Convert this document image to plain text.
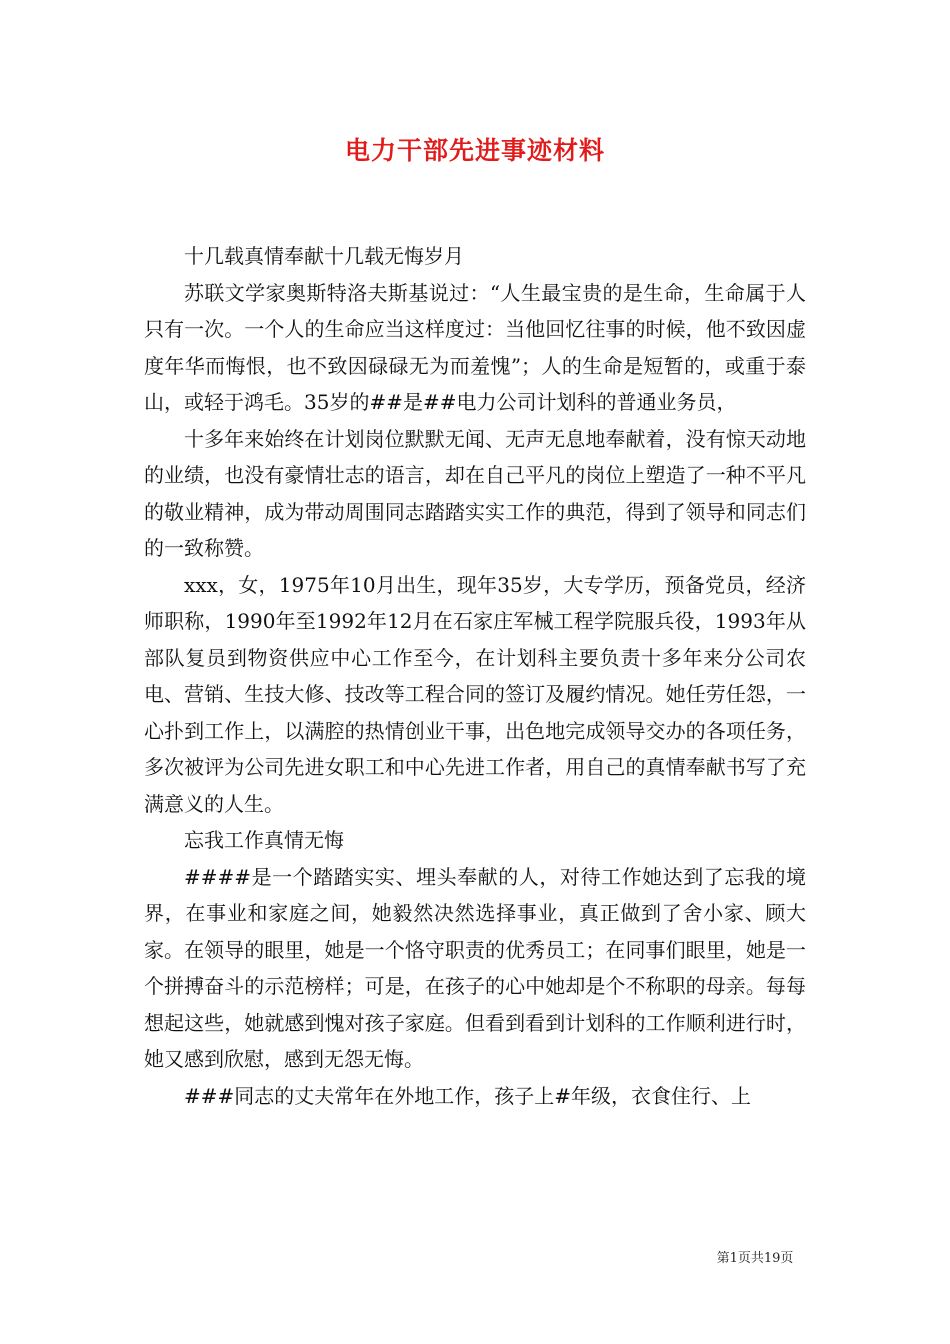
电力干部先进事迹材料

十几载真情奉献十几载无悔岁月

苏联文学家奥斯特洛夫斯基说过：“人生最宝贵的是生命，生命属于人只有一次。一个人的生命应当这样度过：当他回忆往事的时候，他不致因虚度年华而悔恨，也不致因碌碌无为而羞愧”；人的生命是短暂的，或重于泰山，或轻于鸿毛。35岁的##是##电力公司计划科的普通业务员，

十多年来始终在计划岗位默默无闻、无声无息地奉献着，没有惊天动地的业绩，也没有豪情壮志的语言，却在自己平凡的岗位上塑造了一种不平凡的敬业精神，成为带动周围同志踏踏实实工作的典范，得到了领导和同志们的一致称赞。

xxx，女，1975年10月出生，现年35岁，大专学历，预备党员，经济师职称，1990年至1992年12月在石家庄军械工程学院服兵役，1993年从部队复员到物资供应中心工作至今，在计划科主要负责十多年来分公司农电、营销、生技大修、技改等工程合同的签订及履约情况。她任劳任怨，一心扑到工作上，以满腔的热情创业干事，出色地完成领导交办的各项任务，多次被评为公司先进女职工和中心先进工作者，用自己的真情奉献书写了充满意义的人生。

忘我工作真情无悔

####是一个踏踏实实、埋头奉献的人，对待工作她达到了忘我的境界，在事业和家庭之间，她毅然决然选择事业，真正做到了舍小家、顾大家。在领导的眼里，她是一个恪守职责的优秀员工；在同事们眼里，她是一个拼搏奋斗的示范榜样；可是，在孩子的心中她却是个不称职的母亲。每每想起这些，她就感到愧对孩子家庭。但看到看到计划科的工作顺利进行时，她又感到欣慰，感到无怨无悔。

###同志的丈夫常年在外地工作，孩子上#年级，衣食住行、上

第1页共19页
